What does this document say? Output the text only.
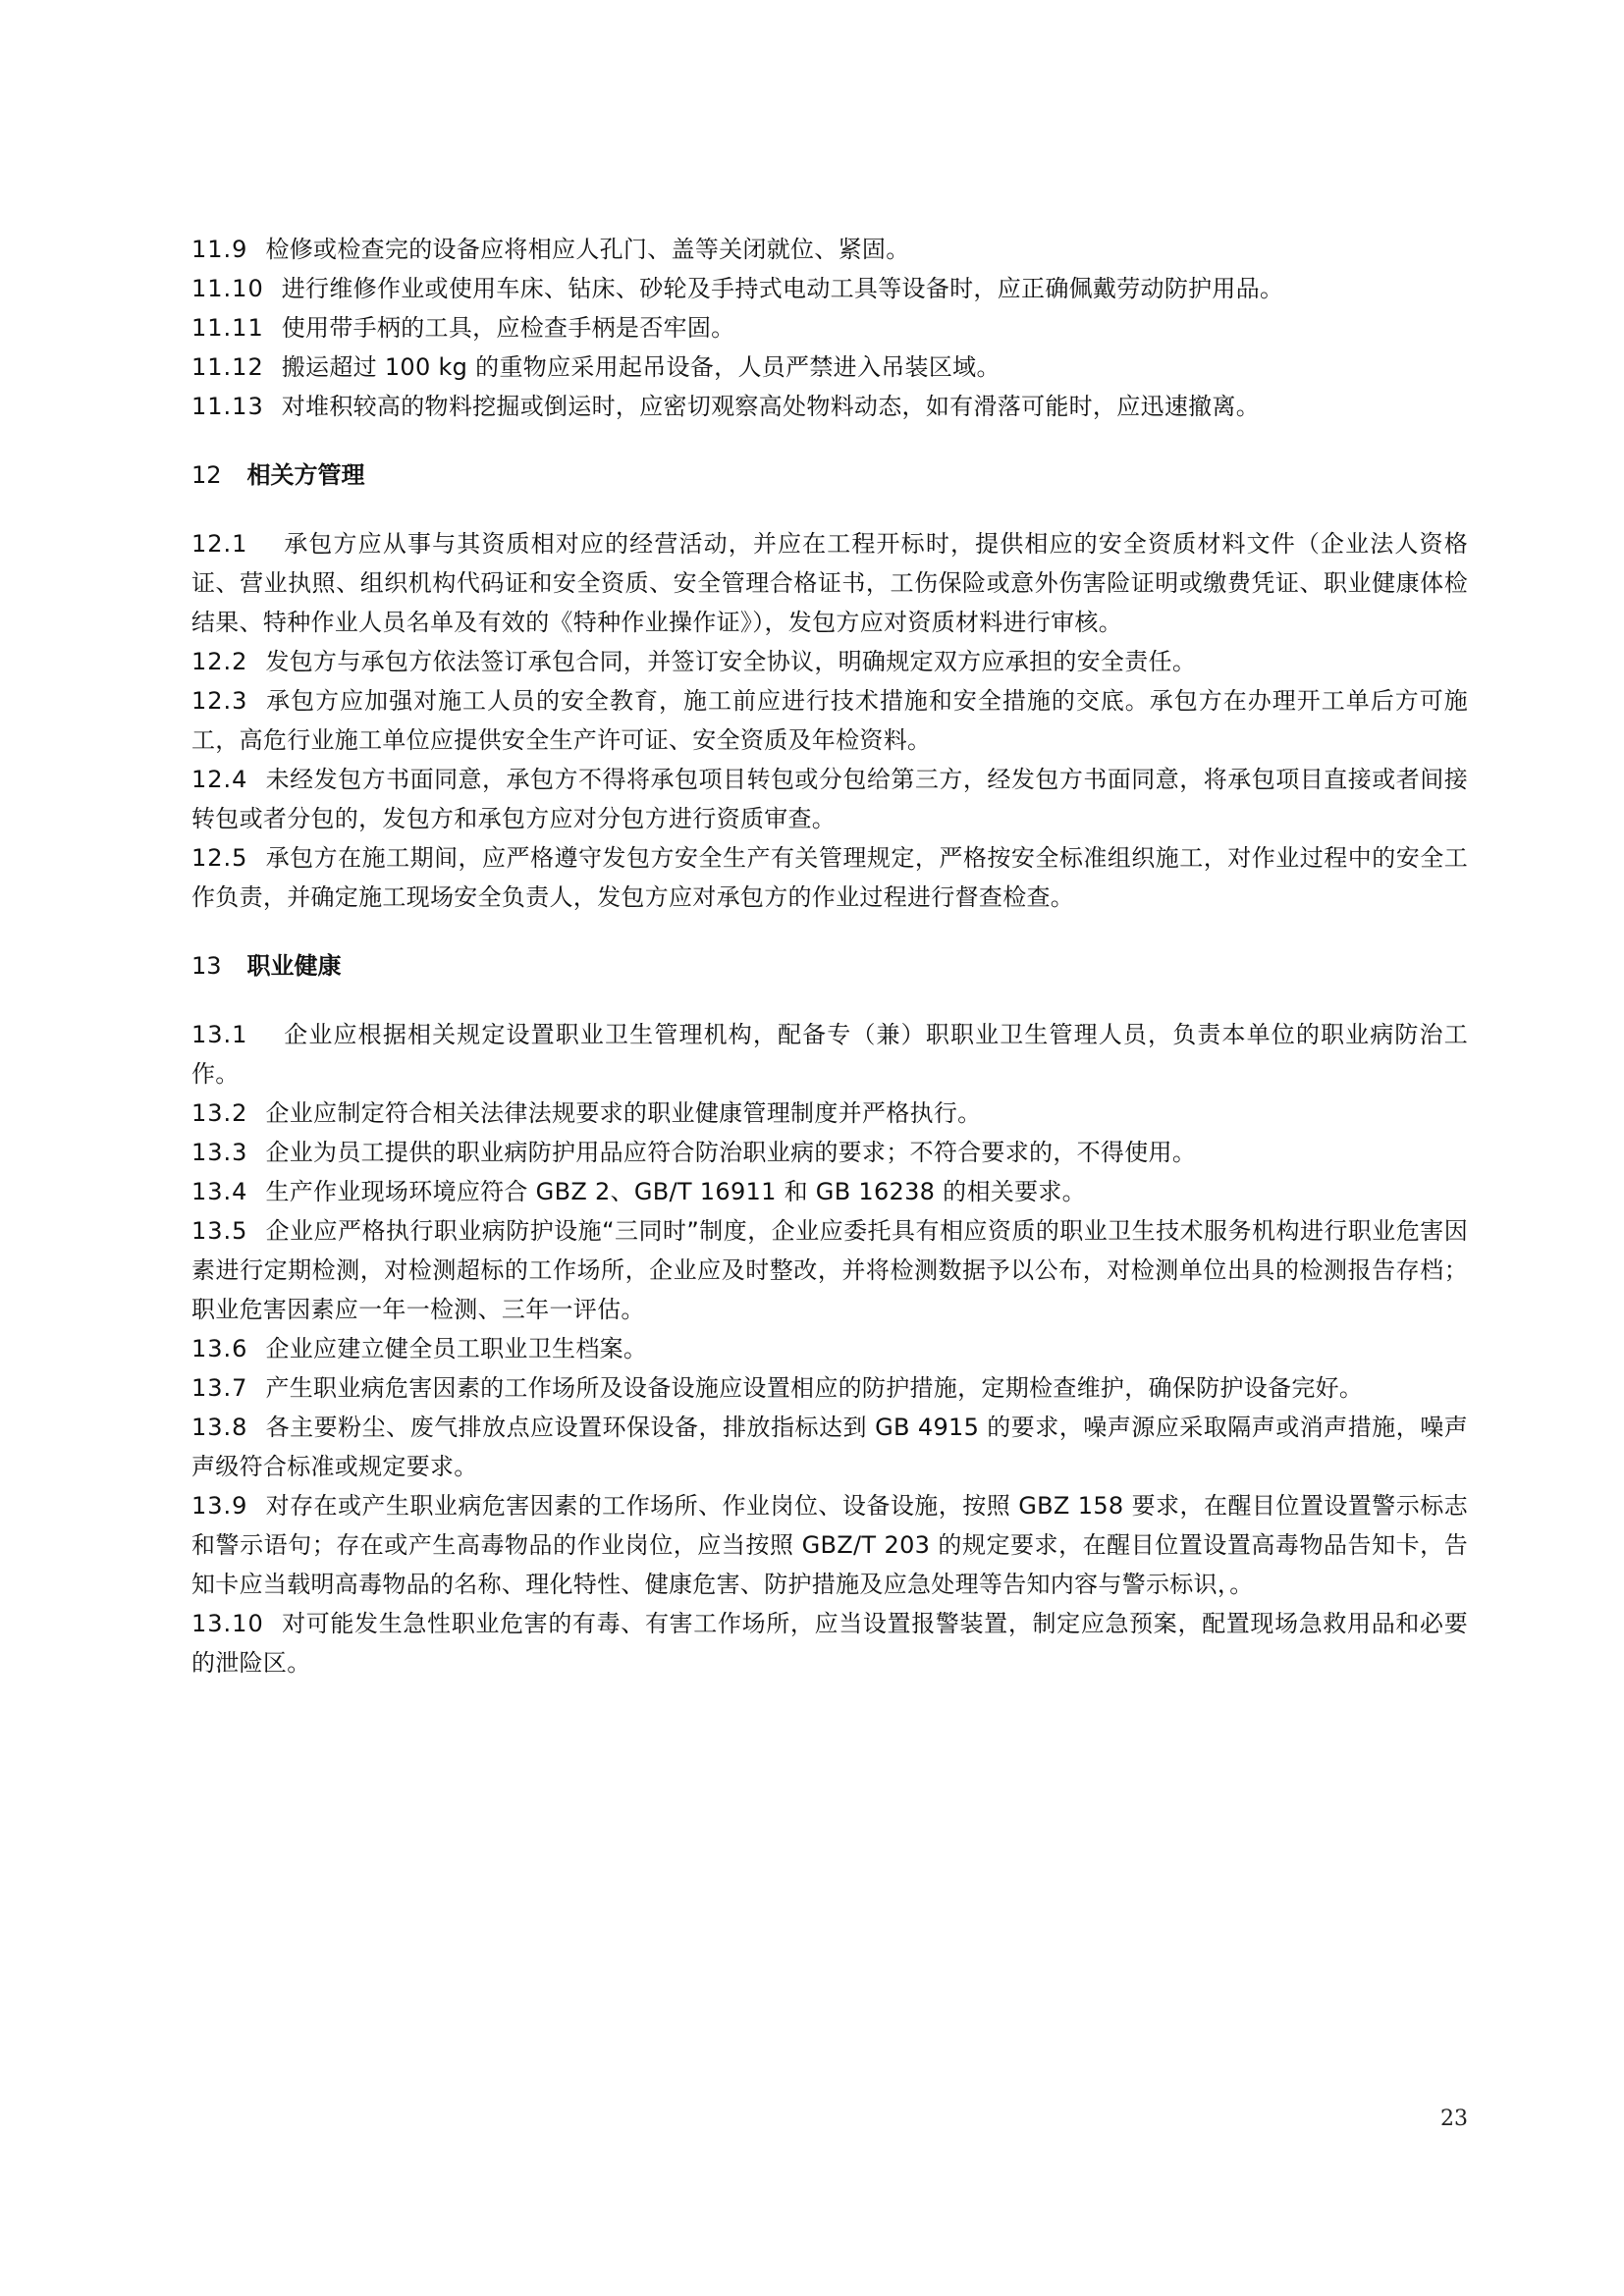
11.9 检修或检查完的设备应将相应人孔门、盖等关闭就位、紧固。

11.10 进行维修作业或使用车床、钻床、砂轮及手持式电动工具等设备时，应正确佩戴劳动防护用品。

11.11 使用带手柄的工具，应检查手柄是否牢固。

11.12 搬运超过 100 kg 的重物应采用起吊设备，人员严禁进入吊装区域。

11.13 对堆积较高的物料挖掘或倒运时，应密切观察高处物料动态，如有滑落可能时，应迅速撤离。

12 相关方管理

12.1 承包方应从事与其资质相对应的经营活动，并应在工程开标时，提供相应的安全资质材料文件（企业法人资格证、营业执照、组织机构代码证和安全资质、安全管理合格证书，工伤保险或意外伤害险证明或缴费凭证、职业健康体检结果、特种作业人员名单及有效的《特种作业操作证》），发包方应对资质材料进行审核。

12.2 发包方与承包方依法签订承包合同，并签订安全协议，明确规定双方应承担的安全责任。

12.3 承包方应加强对施工人员的安全教育，施工前应进行技术措施和安全措施的交底。承包方在办理开工单后方可施工，高危行业施工单位应提供安全生产许可证、安全资质及年检资料。

12.4 未经发包方书面同意，承包方不得将承包项目转包或分包给第三方，经发包方书面同意，将承包项目直接或者间接转包或者分包的，发包方和承包方应对分包方进行资质审查。

12.5 承包方在施工期间，应严格遵守发包方安全生产有关管理规定，严格按安全标准组织施工，对作业过程中的安全工作负责，并确定施工现场安全负责人，发包方应对承包方的作业过程进行督查检查。

13 职业健康

13.1 企业应根据相关规定设置职业卫生管理机构，配备专（兼）职职业卫生管理人员，负责本单位的职业病防治工作。

13.2 企业应制定符合相关法律法规要求的职业健康管理制度并严格执行。

13.3 企业为员工提供的职业病防护用品应符合防治职业病的要求；不符合要求的，不得使用。

13.4 生产作业现场环境应符合 GBZ 2、GB/T 16911 和 GB 16238 的相关要求。

13.5 企业应严格执行职业病防护设施“三同时”制度，企业应委托具有相应资质的职业卫生技术服务机构进行职业危害因素进行定期检测，对检测超标的工作场所，企业应及时整改，并将检测数据予以公布，对检测单位出具的检测报告存档；职业危害因素应一年一检测、三年一评估。

13.6 企业应建立健全员工职业卫生档案。

13.7 产生职业病危害因素的工作场所及设备设施应设置相应的防护措施，定期检查维护，确保防护设备完好。

13.8 各主要粉尘、废气排放点应设置环保设备，排放指标达到 GB 4915 的要求，噪声源应采取隔声或消声措施，噪声声级符合标准或规定要求。

13.9 对存在或产生职业病危害因素的工作场所、作业岗位、设备设施，按照 GBZ 158 要求，在醒目位置设置警示标志和警示语句；存在或产生高毒物品的作业岗位，应当按照 GBZ/T 203 的规定要求，在醒目位置设置高毒物品告知卡，告知卡应当载明高毒物品的名称、理化特性、健康危害、防护措施及应急处理等告知内容与警示标识，。

13.10 对可能发生急性职业危害的有毒、有害工作场所，应当设置报警装置，制定应急预案，配置现场急救用品和必要的泄险区。

23
